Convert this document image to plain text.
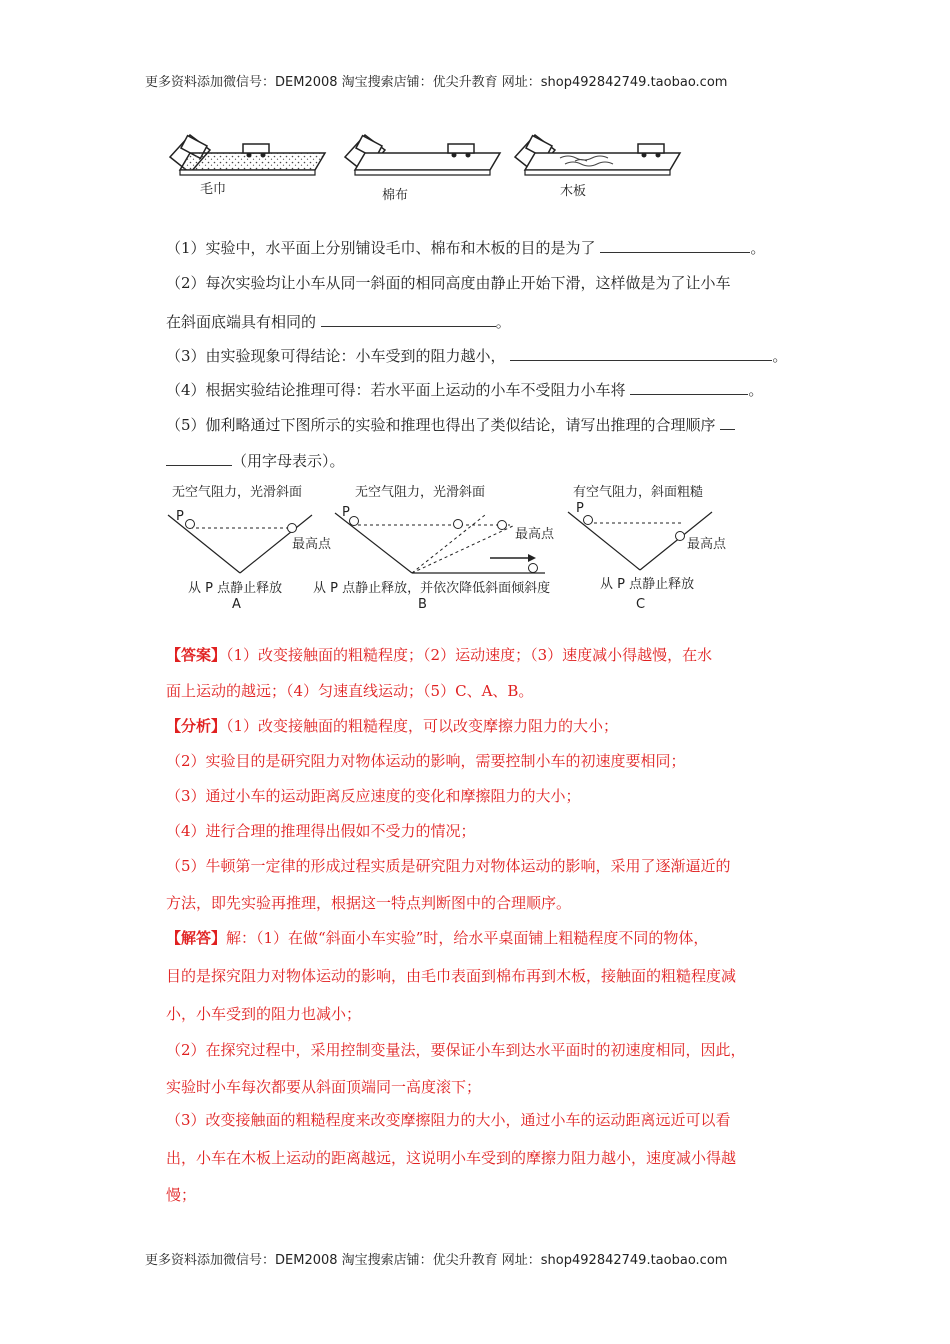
更多资料添加微信号：DEM2008 淘宝搜索店铺：优尖升教育 网址：shop492842749.taobao.com
毛巾	棉布	木板
（1）实验中，水平面上分别铺设毛巾、棉布和木板的目的是为了	。
（2）每次实验均让小车从同一斜面的相同高度由静止开始下滑，这样做是为了让小车
在斜面底端具有相同的	。
（3）由实验现象可得结论：小车受到的阻力越小，	。
（4）根据实验结论推理可得：若水平面上运动的小车不受阻力小车将	。
（5）伽利略通过下图所示的实验和推理也得出了类似结论，请写出推理的合理顺序
（用字母表示）。
无空气阻力，光滑斜面
P
最高点
从 P 点静止释放
A
无空气阻力，光滑斜面
P
最高点
从 P 点静止释放，并依次降低斜面倾斜度
B
有空气阻力，斜面粗糙
P
最高点
从 P 点静止释放
C
【答案】（1）改变接触面的粗糙程度；（2）运动速度；（3）速度减小得越慢，在水
面上运动的越远；（4）匀速直线运动；（5）C、A、B。
【分析】（1）改变接触面的粗糙程度，可以改变摩擦力阻力的大小；
（2）实验目的是研究阻力对物体运动的影响，需要控制小车的初速度要相同；
（3）通过小车的运动距离反应速度的变化和摩擦阻力的大小；
（4）进行合理的推理得出假如不受力的情况；
（5）牛顿第一定律的形成过程实质是研究阻力对物体运动的影响，采用了逐渐逼近的
方法，即先实验再推理，根据这一特点判断图中的合理顺序。
【解答】解：（1）在做“斜面小车实验”时，给水平桌面铺上粗糙程度不同的物体，
目的是探究阻力对物体运动的影响，由毛巾表面到棉布再到木板，接触面的粗糙程度减
小，小车受到的阻力也减小；
（2）在探究过程中，采用控制变量法，要保证小车到达水平面时的初速度相同，因此，
实验时小车每次都要从斜面顶端同一高度滚下；
（3）改变接触面的粗糙程度来改变摩擦阻力的大小，通过小车的运动距离远近可以看
出，小车在木板上运动的距离越远，这说明小车受到的摩擦力阻力越小，速度减小得越
慢；
更多资料添加微信号：DEM2008 淘宝搜索店铺：优尖升教育 网址：shop492842749.taobao.com
